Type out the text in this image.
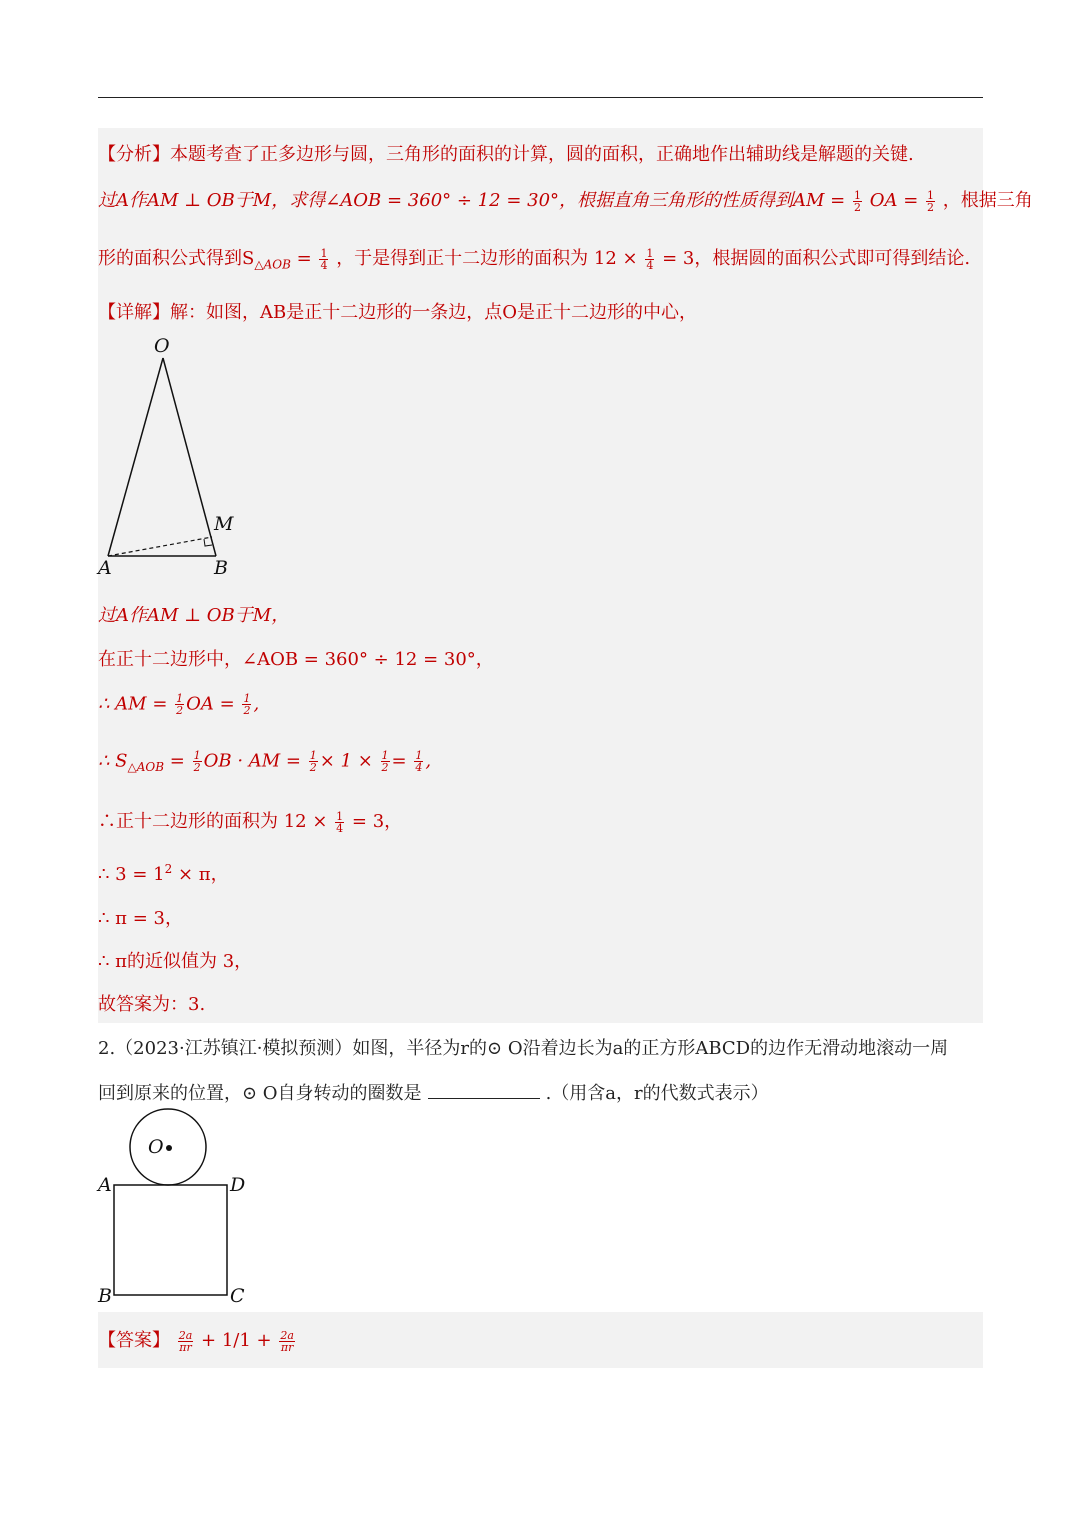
【分析】本题考查了正多边形与圆，三角形的面积的计算，圆的面积，正确地作出辅助线是解题的关键.
过A作AM ⊥ OB于M，求得∠AOB = 360° ÷ 12 = 30°，根据直角三角形的性质得到AM = $\frac{1}{2}$ OA = $\frac{1}{2}$ ，根据三角
形的面积公式得到$S_{\triangle AOB} = \frac{1}{4}$ ，于是得到正十二边形的面积为 $12 \times \frac{1}{4} = 3$，根据圆的面积公式即可得到结论.
【详解】解：如图，AB是正十二边形的一条边，点O是正十二边形的中心，
O
M
A	B
过A作AM ⊥ OB于M，
在正十二边形中，∠AOB = 360° ÷ 12 = 30°，
∴ AM = $\frac{1}{2}$ OA = $\frac{1}{2}$ ,
∴ $S_{\triangle AOB} = \frac{1}{2}$ OB · AM = $\frac{1}{2} \times 1 \times \frac{1}{2} = \frac{1}{4}$ ,
∴正十二边形的面积为 $12 \times \frac{1}{4} = 3$，
∴ $3 = 1^2 \times \pi$，
∴ π = 3，
∴ π的近似值为 3，
故答案为：3.
2.（2023·江苏镇江·模拟预测）如图，半径为r的⊙ O沿着边长为a的正方形ABCD的边作无滑动地滚动一周
回到原来的位置，⊙ O自身转动的圈数是	.（用含a，r的代数式表示）
O
A	D
B	C
【答案】 $\frac{2a}{\pi r} + 1/1 + \frac{2a}{\pi r}$
